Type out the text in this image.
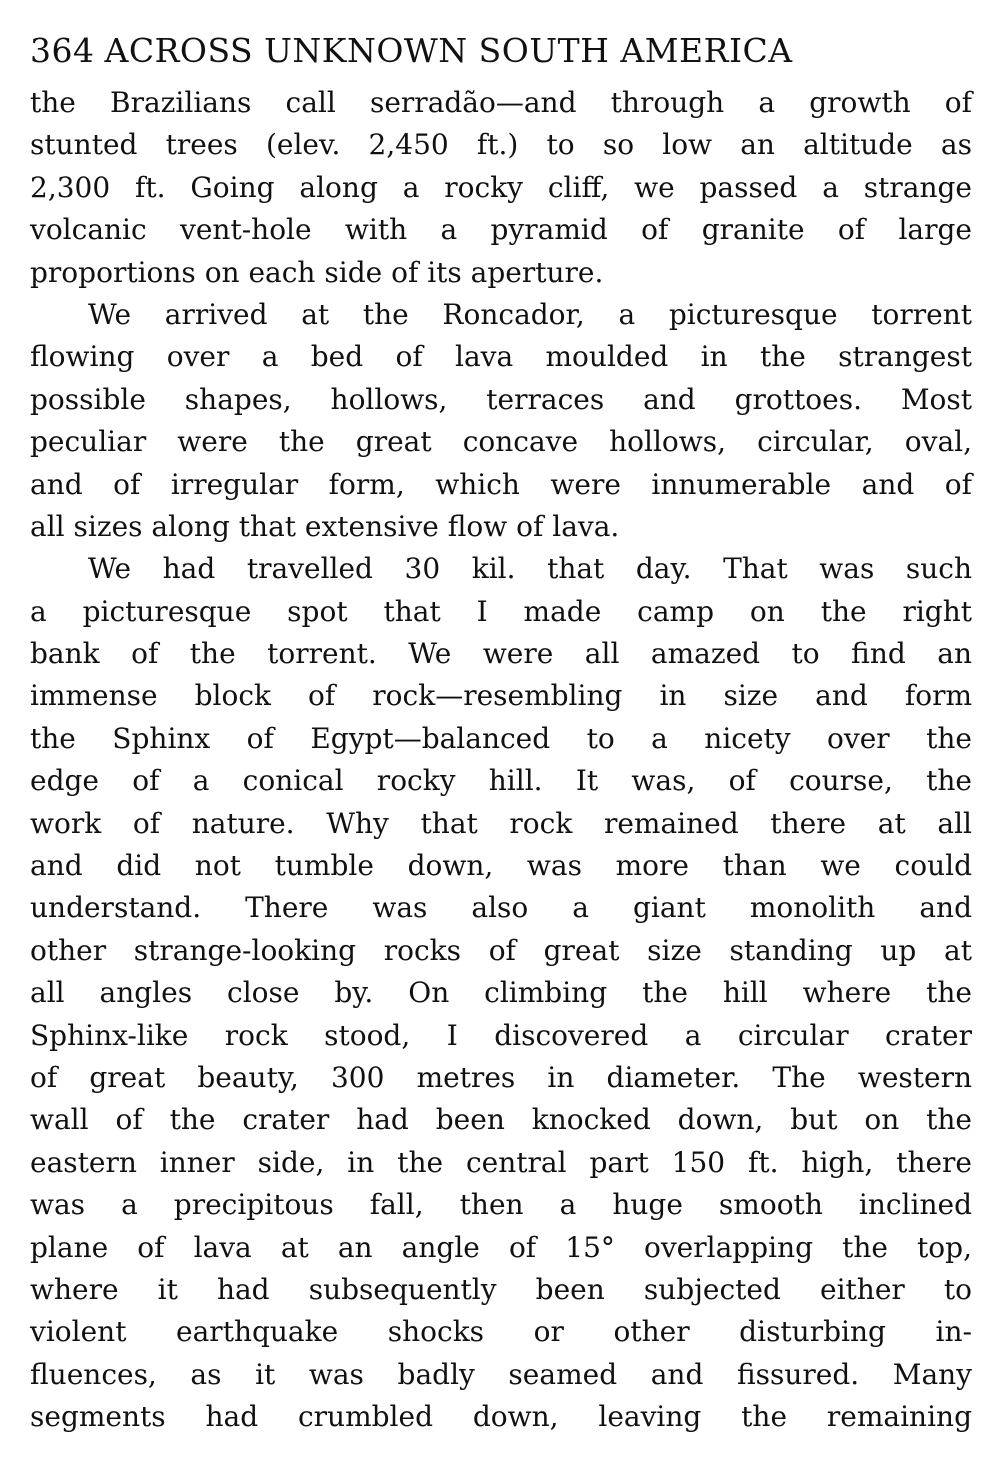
364 ACROSS UNKNOWN SOUTH AMERICA
the Brazilians call serradão—and through a growth of
stunted trees (elev. 2,450 ft.) to so low an altitude as
2,300 ft. Going along a rocky cliff, we passed a strange
volcanic vent-hole with a pyramid of granite of large
proportions on each side of its aperture.
We arrived at the Roncador, a picturesque torrent
flowing over a bed of lava moulded in the strangest
possible shapes, hollows, terraces and grottoes. Most
peculiar were the great concave hollows, circular, oval,
and of irregular form, which were innumerable and of
all sizes along that extensive flow of lava.
We had travelled 30 kil. that day. That was such
a picturesque spot that I made camp on the right
bank of the torrent. We were all amazed to find an
immense block of rock—resembling in size and form
the Sphinx of Egypt—balanced to a nicety over the
edge of a conical rocky hill. It was, of course, the
work of nature. Why that rock remained there at all
and did not tumble down, was more than we could
understand. There was also a giant monolith and
other strange-looking rocks of great size standing up at
all angles close by. On climbing the hill where the
Sphinx-like rock stood, I discovered a circular crater
of great beauty, 300 metres in diameter. The western
wall of the crater had been knocked down, but on the
eastern inner side, in the central part 150 ft. high, there
was a precipitous fall, then a huge smooth inclined
plane of lava at an angle of 15° overlapping the top,
where it had subsequently been subjected either to
violent earthquake shocks or other disturbing in-
fluences, as it was badly seamed and fissured. Many
segments had crumbled down, leaving the remaining
